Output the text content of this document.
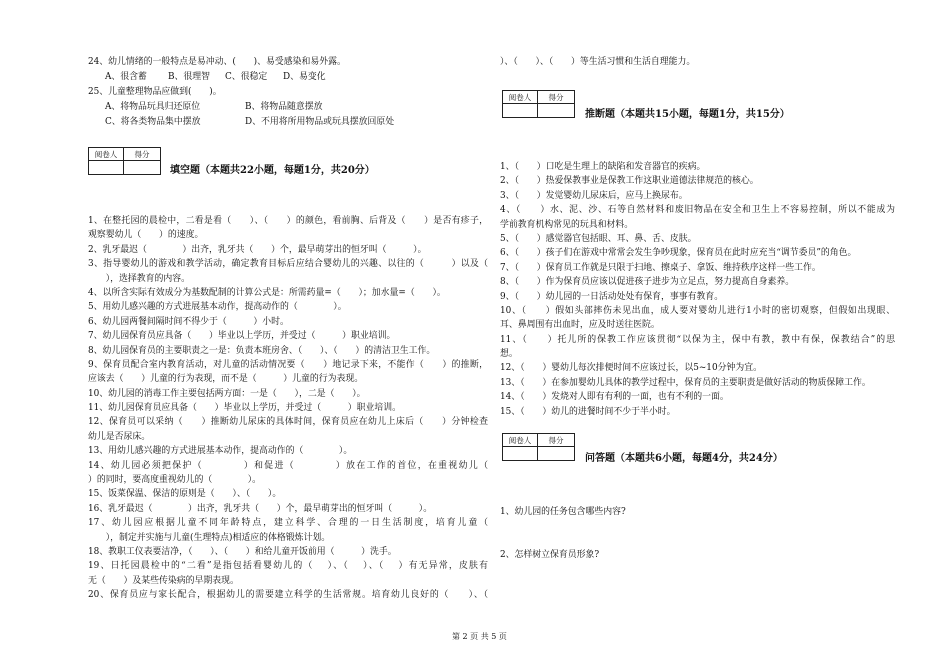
24、幼儿情绪的一般特点是易冲动、(　　)、易受感染和易外露。
A、很含蓄 B、很理智 C、很稳定 D、易变化
25、儿童整理物品应做到(　　)。
A、将物品玩具归还原位	B、将物品随意摆放
C、将各类物品集中摆放	D、不用将所用物品或玩具摆放回原处
阅卷人	得分

填空题（本题共22小题，每题1分，共20分）
1、在整托园的晨检中，二看是看（　　）、（　　）的颜色，看前胸、后背及（　　）是否有疹子，
观察婴幼儿（　　）的速度。
2、乳牙最迟（　　　　）出齐，乳牙共（　　）个，最早萌芽出的恒牙叫（　　　）。
3、指导婴幼儿的游戏和教学活动，确定教育目标后应结合婴幼儿的兴趣、以往的（　　　）以及（
　　），选择教育的内容。
4、以所含实际有效成分为基数配制的计算公式是：所需药量=（　　）；加水量=（　　）。
5、用幼儿感兴趣的方式进展基本动作，提高动作的（　　　　）。
6、幼儿园两餐间隔时间不得少于（　　　）小时。
7、幼儿园保育员应具备（　　）毕业以上学历，并受过（　　　）职业培训。
8、幼儿园保育员的主要职责之一是：负责本班房舍、（　　）、（　　）的清洁卫生工作。
9、保育员配合室内教育活动，对儿童的活动情况要（　　）地记录下来，不能作（　　）的推断，
应该去（　　）儿童的行为表现，而不是（　　　）儿童的行为表现。
10、幼儿园的消毒工作主要包括两方面：一是（　　），二是（　　）。
11、幼儿园保育员应具备（　　）毕业以上学历，并受过（　　　）职业培训。
12、保育员可以采纳（　　）推断幼儿尿床的具体时间，保育员应在幼儿上床后（　　）分钟检查
幼儿是否尿床。
13、用幼儿感兴趣的方式进展基本动作，提高动作的（　　　　）。
14、幼儿园必须把保护（　　　　）和促进（　　　　）放在工作的首位，在重视幼儿（　　
）的同时，要高度重视幼儿的（　　　　）。
15、饭菜保温、保洁的原则是（　　）、（　　）。
16、乳牙最迟（　　　　）出齐，乳牙共（　　）个，最早萌芽出的恒牙叫（　　　）。
17、幼儿园应根据儿童不同年龄特点，建立科学、合理的一日生活制度，培育儿童（
　　），制定并实施与儿童(生理特点)相适应的体格锻炼计划。
18、教职工仪表要洁净，（　　）、（　　）和给儿童开饭前用（　　　）洗手。
19、日托园晨检中的“二看”是指包括看婴幼儿的（　 ）、（　 ）、（　 ）有无异常，皮肤有
无（　　）及某些传染病的早期表现。
20、保育员应与家长配合，根据幼儿的需要建立科学的生活常规。培育幼儿良好的（　　）、（
）、（　　）、（　　）等生活习惯和生活自理能力。
阅卷人	得分

推断题（本题共15小题，每题1分，共15分）
1、（　　）口吃是生理上的缺陷和发音器官的疾病。
2、（　　）热爱保教事业是保教工作这职业道德法律规范的核心。
3、（　　）发觉婴幼儿尿床后，应马上换尿布。
4、（　　）水、泥、沙、石等自然材料和废旧物品在安全和卫生上不容易控制，所以不能成为
学前教育机构常见的玩具和材料。
5、（　　）感觉器官包括眼、耳、鼻、舌、皮肤。
6、（　　）孩子们在游戏中常常会发生争吵现象，保育员在此时应充当“调节委员”的角色。
7、（　　）保育员工作就是只限于扫地、擦桌子、拿饭、维持秩序这样一些工作。
8、（　　）作为保育员应该以促进孩子进步为立足点，努力提高自身素养。
9、（　　）幼儿园的一日活动处处有保育，事事有教育。
10、（　　）假如头部摔伤未见出血，成人要对婴幼儿进行1小时的密切观察，但假如出现眼、
耳、鼻周围有出血时，应及时送往医院。
11、（　　）托儿所的保教工作应该贯彻“以保为主，保中有教，教中有保，保教结合”的思
想。
12、（　　）婴幼儿每次排便时间不应该过长，以5~10分钟为宜。
13、（　　）在参加婴幼儿具体的教学过程中，保育员的主要职责是做好活动的物质保障工作。
14、（　　）发烧对人即有有利的一面，也有不利的一面。
15、（　　）幼儿的进餐时间不少于半小时。
阅卷人	得分

问答题（本题共6小题，每题4分，共24分）
1、幼儿园的任务包含哪些内容?
2、怎样树立保育员形象?
第 2 页 共 5 页
